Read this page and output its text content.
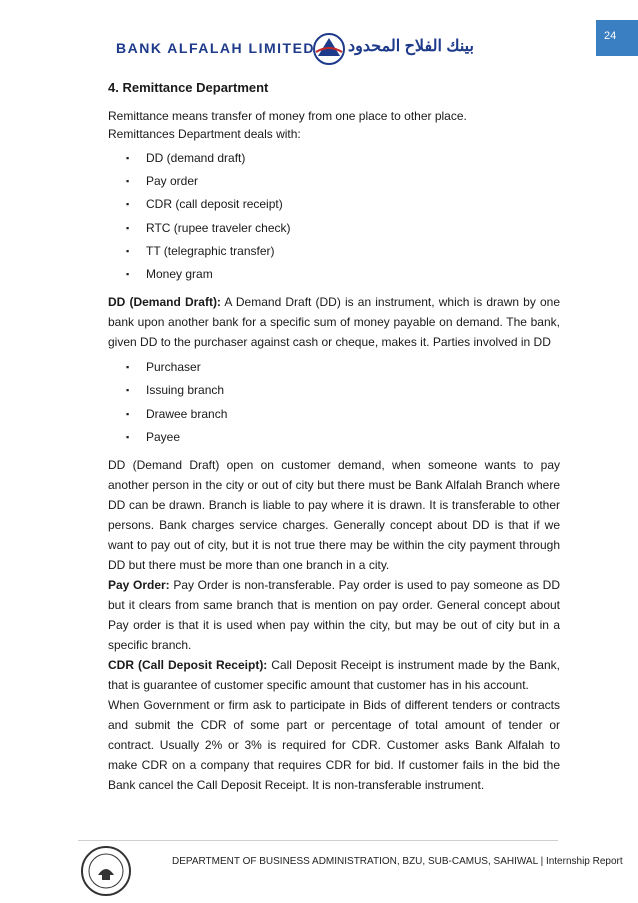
24
BANK ALFALAH LIMITED بينك الفلاح المحدود
4. Remittance Department

Remittance means transfer of money from one place to other place.

Remittances Department deals with:

▪ DD (demand draft)
▪ Pay order
▪ CDR (call deposit receipt)
▪ RTC (rupee traveler check)
▪ TT (telegraphic transfer)
▪ Money gram

DD (Demand Draft): A Demand Draft (DD) is an instrument, which is drawn by one bank upon another bank for a specific sum of money payable on demand. The bank, given DD to the purchaser against cash or cheque, makes it. Parties involved in DD

▪ Purchaser
▪ Issuing branch
▪ Drawee branch
▪ Payee

DD (Demand Draft) open on customer demand, when someone wants to pay another person in the city or out of city but there must be Bank Alfalah Branch where DD can be drawn. Branch is liable to pay where it is drawn. It is transferable to other persons. Bank charges service charges. Generally concept about DD is that if we want to pay out of city, but it is not true there may be within the city payment through DD but there must be more than one branch in a city.

Pay Order: Pay Order is non-transferable. Pay order is used to pay someone as DD but it clears from same branch that is mention on pay order. General concept about Pay order is that it is used when pay within the city, but may be out of city but in a specific branch.

CDR (Call Deposit Receipt): Call Deposit Receipt is instrument made by the Bank, that is guarantee of customer specific amount that customer has in his account.

When Government or firm ask to participate in Bids of different tenders or contracts and submit the CDR of some part or percentage of total amount of tender or contract. Usually 2% or 3% is required for CDR. Customer asks Bank Alfalah to make CDR on a company that requires CDR for bid. If customer fails in the bid the Bank cancel the Call Deposit Receipt. It is non-transferable instrument.

DEPARTMENT OF BUSINESS ADMINISTRATION, BZU, SUB-CAMUS, SAHIWAL | Internship Report
